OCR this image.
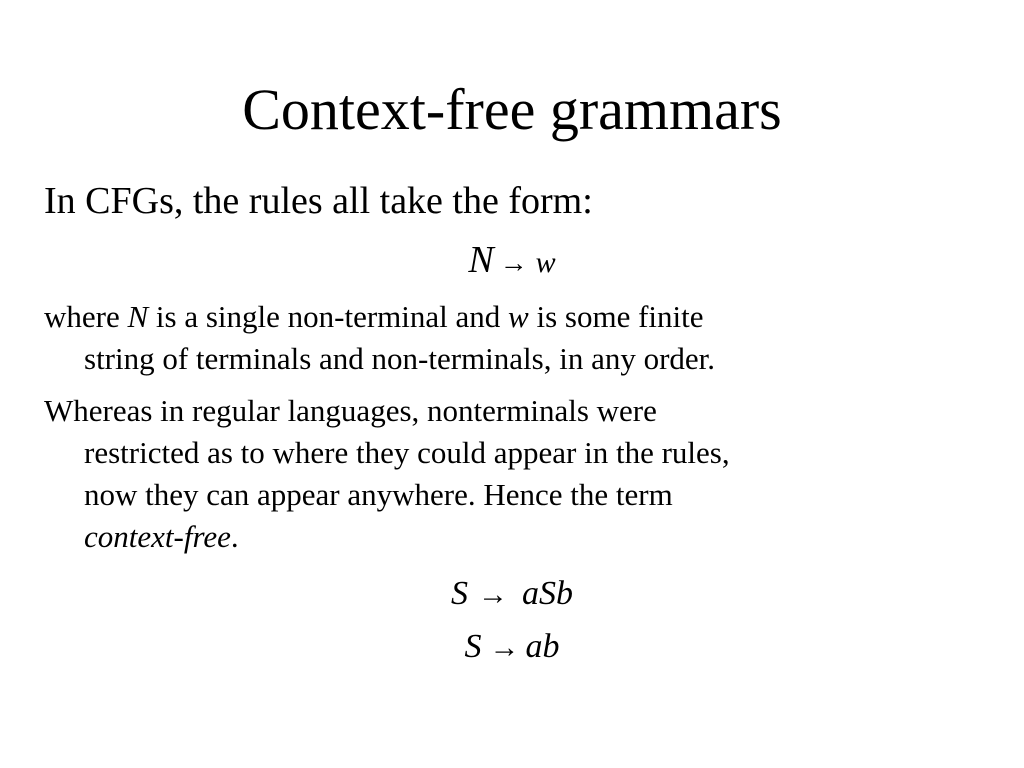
Context-free grammars

In CFGs, the rules all take the form:

N → w

where N is a single non-terminal and w is some finite
string of terminals and non-terminals, in any order.

Whereas in regular languages, nonterminals were
restricted as to where they could appear in the rules,
now they can appear anywhere. Hence the term
context-free.

S → aSb

S → ab
